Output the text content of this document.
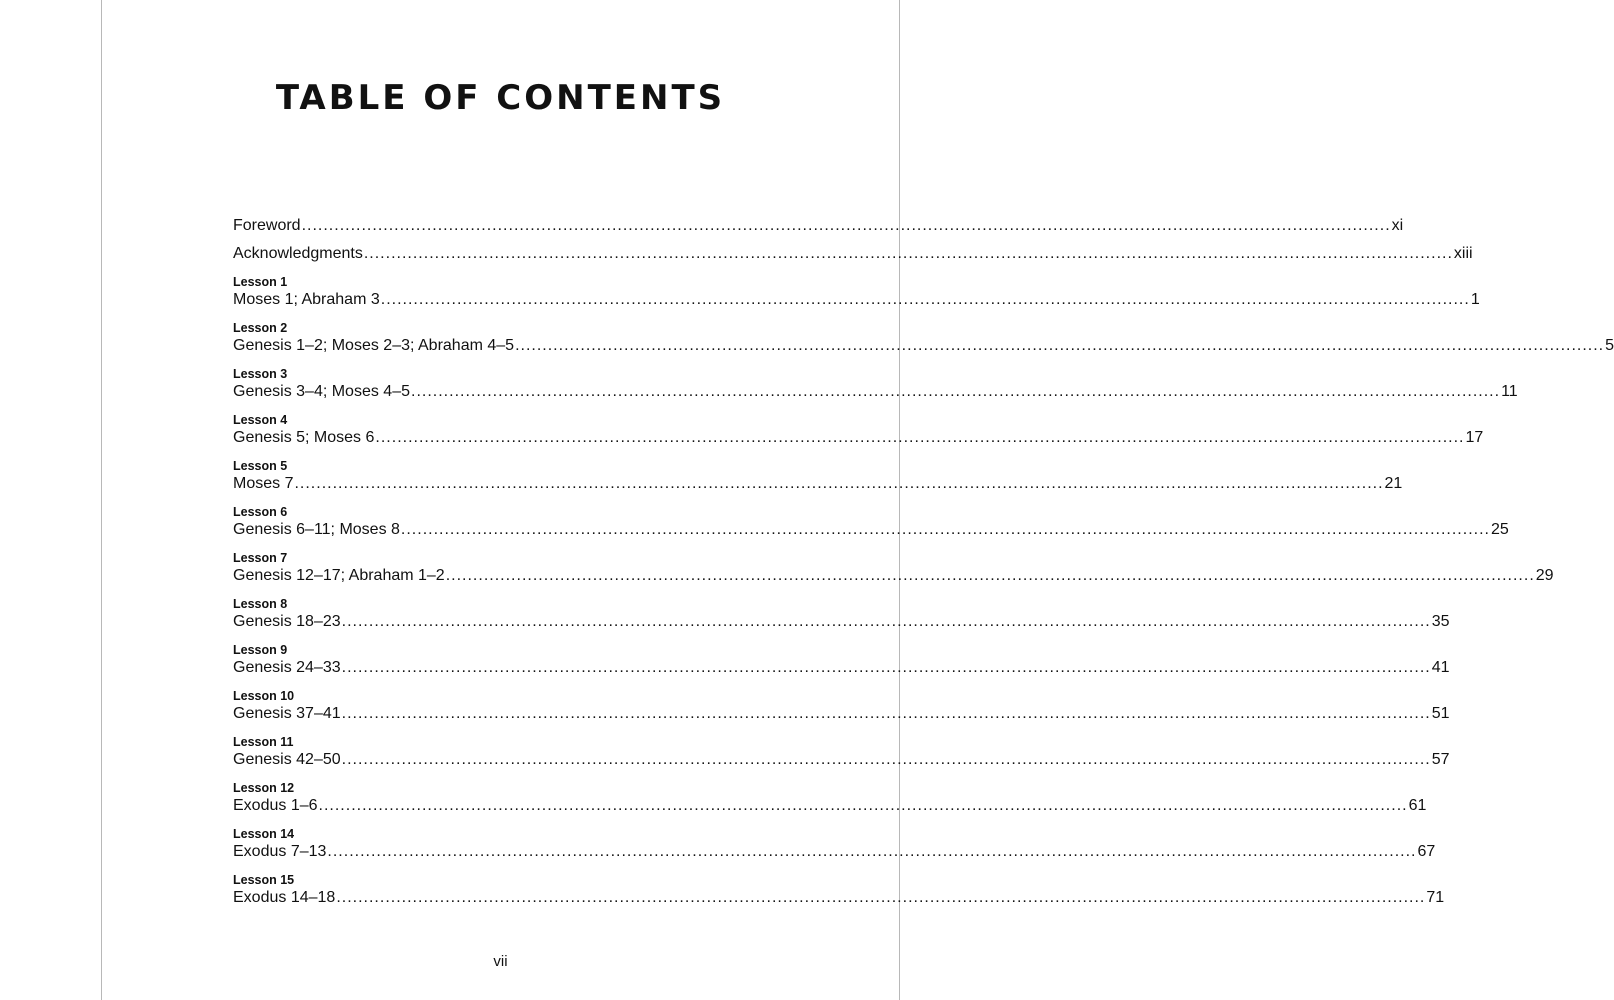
TABLE OF CONTENTS
Foreword ........................................................................................................................................................................................................ xi
Acknowledgments ........................................................................................................................................................................................................ xiii
Lesson 1
Moses 1; Abraham 3 ........................................................................................................................................................................................................ 1
Lesson 2
Genesis 1–2; Moses 2–3; Abraham 4–5 ........................................................................................................................................................................................................ 5
Lesson 3
Genesis 3–4; Moses 4–5 ........................................................................................................................................................................................................ 11
Lesson 4
Genesis 5; Moses 6 ........................................................................................................................................................................................................ 17
Lesson 5
Moses 7 ........................................................................................................................................................................................................ 21
Lesson 6
Genesis 6–11; Moses 8 ........................................................................................................................................................................................................ 25
Lesson 7
Genesis 12–17; Abraham 1–2 ........................................................................................................................................................................................................ 29
Lesson 8
Genesis 18–23 ........................................................................................................................................................................................................ 35
Lesson 9
Genesis 24–33 ........................................................................................................................................................................................................ 41
Lesson 10
Genesis 37–41 ........................................................................................................................................................................................................ 51
Lesson 11
Genesis 42–50 ........................................................................................................................................................................................................ 57
Lesson 12
Exodus 1–6 ........................................................................................................................................................................................................ 61
Lesson 14
Exodus 7–13 ........................................................................................................................................................................................................ 67
Lesson 15
Exodus 14–18 ........................................................................................................................................................................................................ 71
vii
